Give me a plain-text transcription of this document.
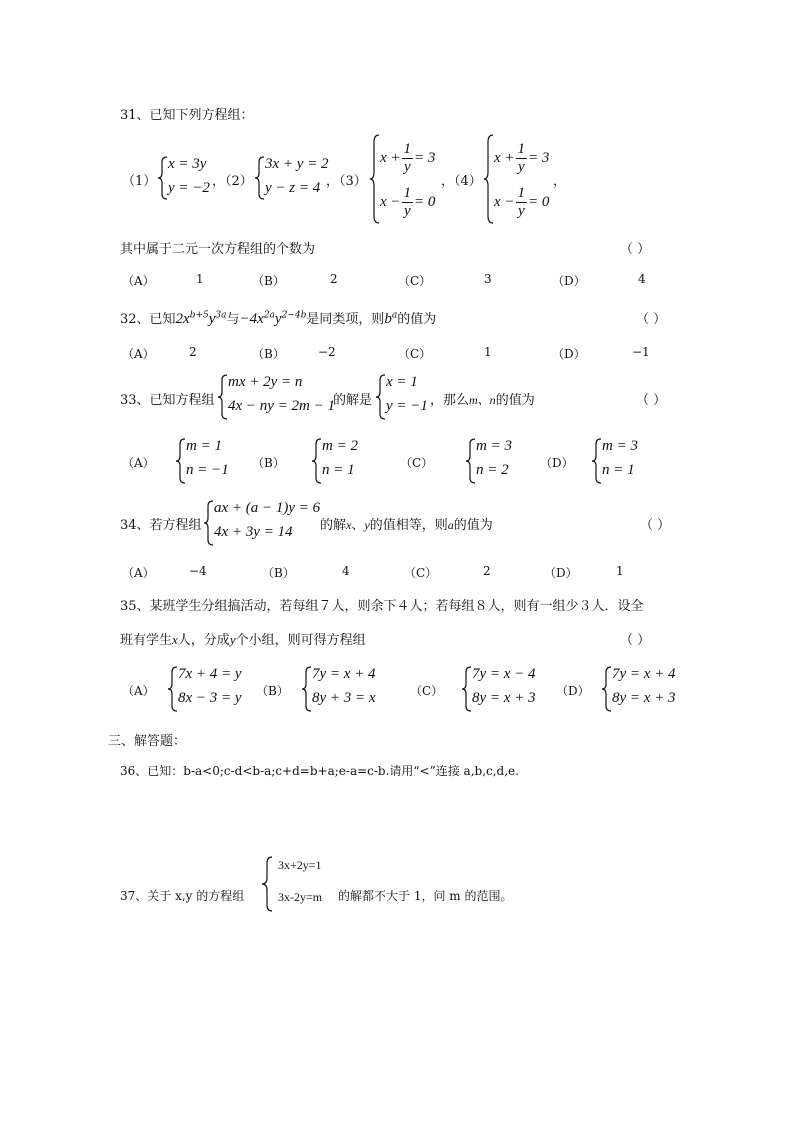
31、已知下列方程组：
（1）
x = 3y
y = −2 ，（2）
3x + y = 2
y − z = 4 ，（3）
$x + \frac{1}{y} = 3$
$x - \frac{1}{y} = 0$
，（4）
$x + \frac{1}{y} = 3$
$x - \frac{1}{y} = 0$
，
其中属于二元一次方程组的个数为	（ ）
（A）	1	（B）	2	（C）	3	（D）	4
32、已知$2x^{b+5}y^{3a}$与$-4x^{2a}y^{2-4b}$是同类项，则$b^a$的值为	（ ）
（A）	2	（B）	−2	（C）	1	（D）	−1
33、已知方程组
mx + 2y = n
4x − ny = 2m − 1
的解是
x = 1
y = −1 ，那么m、n的值为	（ ）
（A）
m = 1
n = −1 （B）
m = 2
n = 1	（C）
m = 3
n = 2	（D）
m = 3
n = 1
34、若方程组
ax + (a − 1)y = 6
4x + 3y = 14 的解x、y的值相等，则a的值为	（ ）
（A）	−4	（B）	4	（C）	2	（D）	1
35、某班学生分组搞活动，若每组７人，则余下４人；若每组８人，则有一组少３人．设全
班有学生x人，分成y个小组，则可得方程组	（ ）
（A）
7x + 4 = y
8x − 3 = y （B）
7y = x + 4
8y + 3 = x	（C）
7y = x − 4
8y = x + 3 （D）
7y = x + 4
8y = x + 3
三、解答题：
36、已知：b-a<0;c-d<b-a;c+d=b+a;e-a=c-b.请用“<”连接 a,b,c,d,e.
37、关于 x,y 的方程组
3x+2y=1
3x-2y=m 的解都不大于 1，问 m 的范围。
